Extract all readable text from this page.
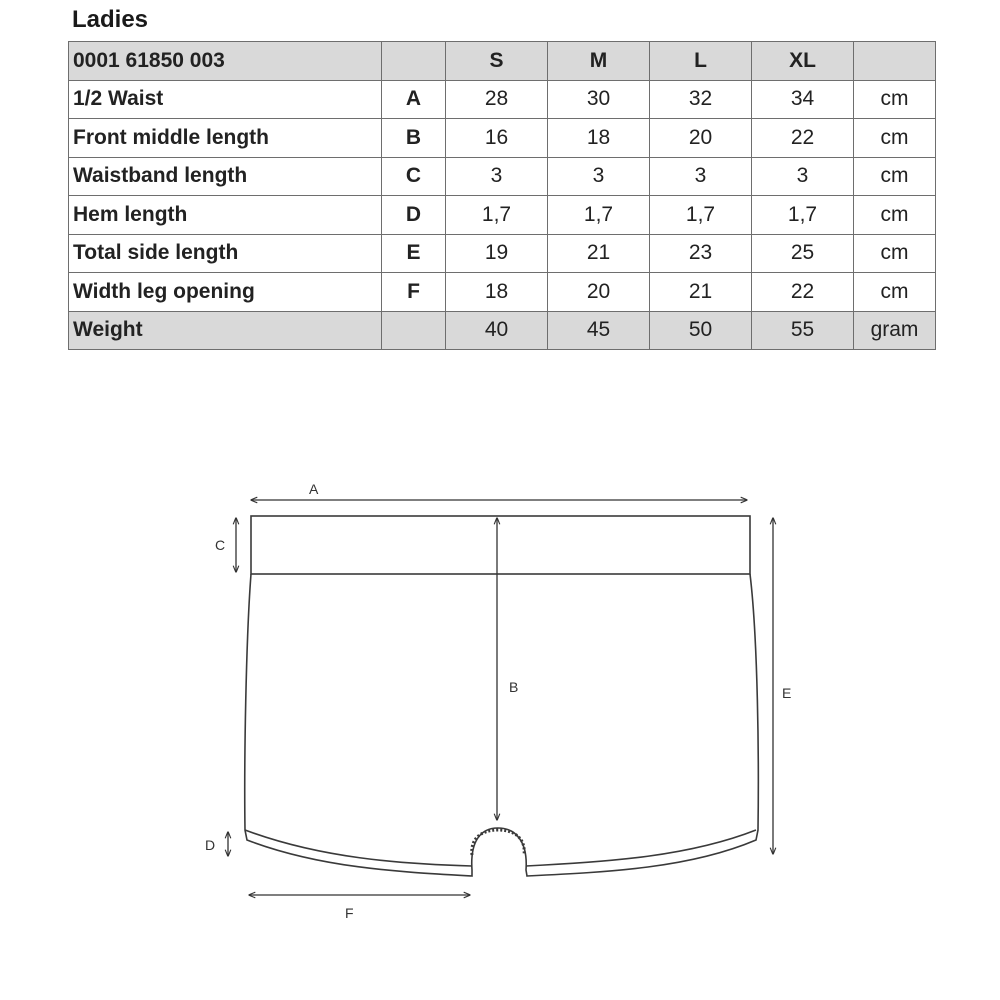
Ladies
0001 61850 003		S	M	L	XL	
1/2 Waist	A	28	30	32	34	cm
Front middle length	B	16	18	20	22	cm
Waistband length	C	3	3	3	3	cm
Hem length	D	1,7	1,7	1,7	1,7	cm
Total side length	E	19	21	23	25	cm
Width leg opening	F	18	20	21	22	cm
Weight		40	45	50	55	gram
A
C
B	E
D
F
